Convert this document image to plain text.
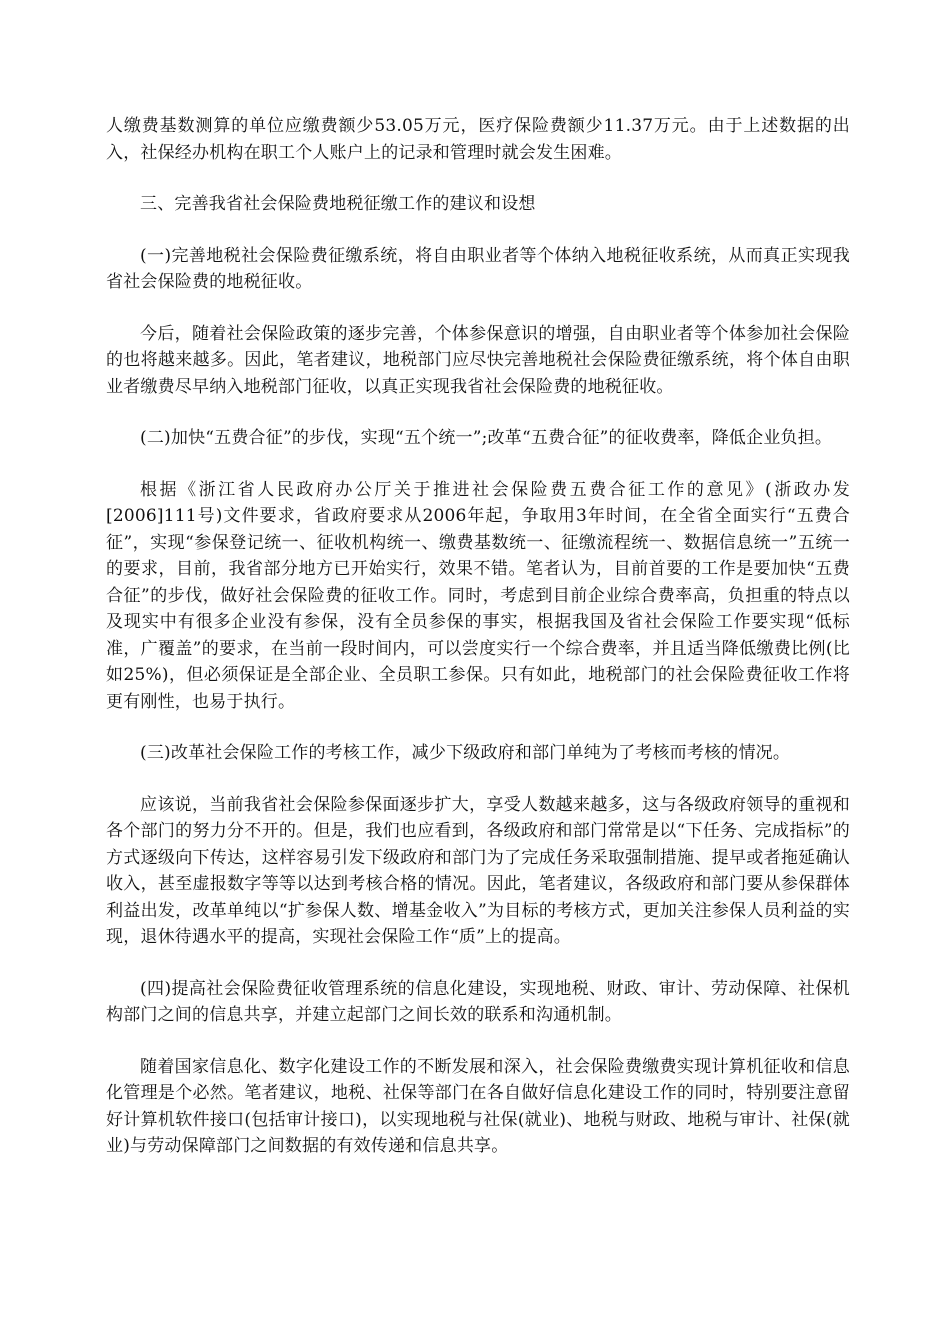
人缴费基数测算的单位应缴费额少53.05万元，医疗保险费额少11.37万元。由于上述数据的出入，社保经办机构在职工个人账户上的记录和管理时就会发生困难。

三、完善我省社会保险费地税征缴工作的建议和设想

(一)完善地税社会保险费征缴系统，将自由职业者等个体纳入地税征收系统，从而真正实现我省社会保险费的地税征收。

今后，随着社会保险政策的逐步完善，个体参保意识的增强，自由职业者等个体参加社会保险的也将越来越多。因此，笔者建议，地税部门应尽快完善地税社会保险费征缴系统，将个体自由职业者缴费尽早纳入地税部门征收，以真正实现我省社会保险费的地税征收。

(二)加快“五费合征”的步伐，实现“五个统一”;改革“五费合征”的征收费率，降低企业负担。

根据《浙江省人民政府办公厅关于推进社会保险费五费合征工作的意见》(浙政办发[2006]111号)文件要求，省政府要求从2006年起，争取用3年时间，在全省全面实行“五费合征”，实现“参保登记统一、征收机构统一、缴费基数统一、征缴流程统一、数据信息统一”五统一的要求，目前，我省部分地方已开始实行，效果不错。笔者认为，目前首要的工作是要加快“五费合征”的步伐，做好社会保险费的征收工作。同时，考虑到目前企业综合费率高，负担重的特点以及现实中有很多企业没有参保，没有全员参保的事实，根据我国及省社会保险工作要实现“低标准，广覆盖”的要求，在当前一段时间内，可以尝度实行一个综合费率，并且适当降低缴费比例(比如25%)，但必须保证是全部企业、全员职工参保。只有如此，地税部门的社会保险费征收工作将更有刚性，也易于执行。

(三)改革社会保险工作的考核工作，减少下级政府和部门单纯为了考核而考核的情况。

应该说，当前我省社会保险参保面逐步扩大，享受人数越来越多，这与各级政府领导的重视和各个部门的努力分不开的。但是，我们也应看到，各级政府和部门常常是以“下任务、完成指标”的方式逐级向下传达，这样容易引发下级政府和部门为了完成任务采取强制措施、提早或者拖延确认收入，甚至虚报数字等等以达到考核合格的情况。因此，笔者建议，各级政府和部门要从参保群体利益出发，改革单纯以“扩参保人数、增基金收入”为目标的考核方式，更加关注参保人员利益的实现，退休待遇水平的提高，实现社会保险工作“质”上的提高。

(四)提高社会保险费征收管理系统的信息化建设，实现地税、财政、审计、劳动保障、社保机构部门之间的信息共享，并建立起部门之间长效的联系和沟通机制。

随着国家信息化、数字化建设工作的不断发展和深入，社会保险费缴费实现计算机征收和信息化管理是个必然。笔者建议，地税、社保等部门在各自做好信息化建设工作的同时，特别要注意留好计算机软件接口(包括审计接口)，以实现地税与社保(就业)、地税与财政、地税与审计、社保(就业)与劳动保障部门之间数据的有效传递和信息共享。
